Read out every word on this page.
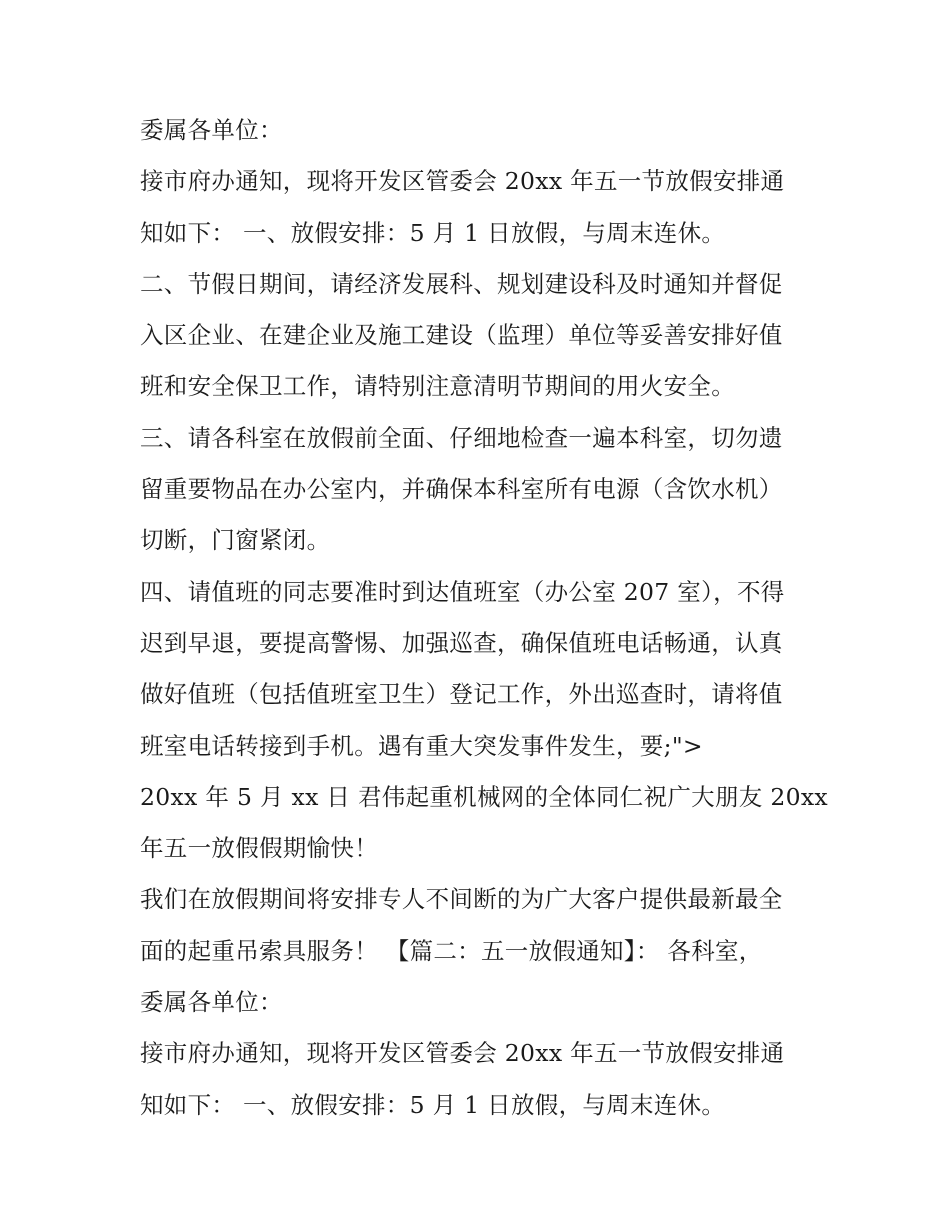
委属各单位：
接市府办通知，现将开发区管委会 20xx 年五一节放假安排通
知如下： 一、放假安排：5 月 1 日放假，与周末连休。
二、节假日期间，请经济发展科、规划建设科及时通知并督促
入区企业、在建企业及施工建设（监理）单位等妥善安排好值
班和安全保卫工作，请特别注意清明节期间的用火安全。
三、请各科室在放假前全面、仔细地检查一遍本科室，切勿遗
留重要物品在办公室内，并确保本科室所有电源（含饮水机）
切断，门窗紧闭。
四、请值班的同志要准时到达值班室（办公室 207 室），不得
迟到早退，要提高警惕、加强巡查，确保值班电话畅通，认真
做好值班（包括值班室卫生）登记工作，外出巡查时，请将值
班室电话转接到手机。遇有重大突发事件发生，要;">
20xx 年 5 月 xx 日 君伟起重机械网的全体同仁祝广大朋友 20xx
年五一放假假期愉快！
我们在放假期间将安排专人不间断的为广大客户提供最新最全
面的起重吊索具服务！ 【篇二：五一放假通知】： 各科室，
委属各单位：
接市府办通知，现将开发区管委会 20xx 年五一节放假安排通
知如下： 一、放假安排：5 月 1 日放假，与周末连休。
